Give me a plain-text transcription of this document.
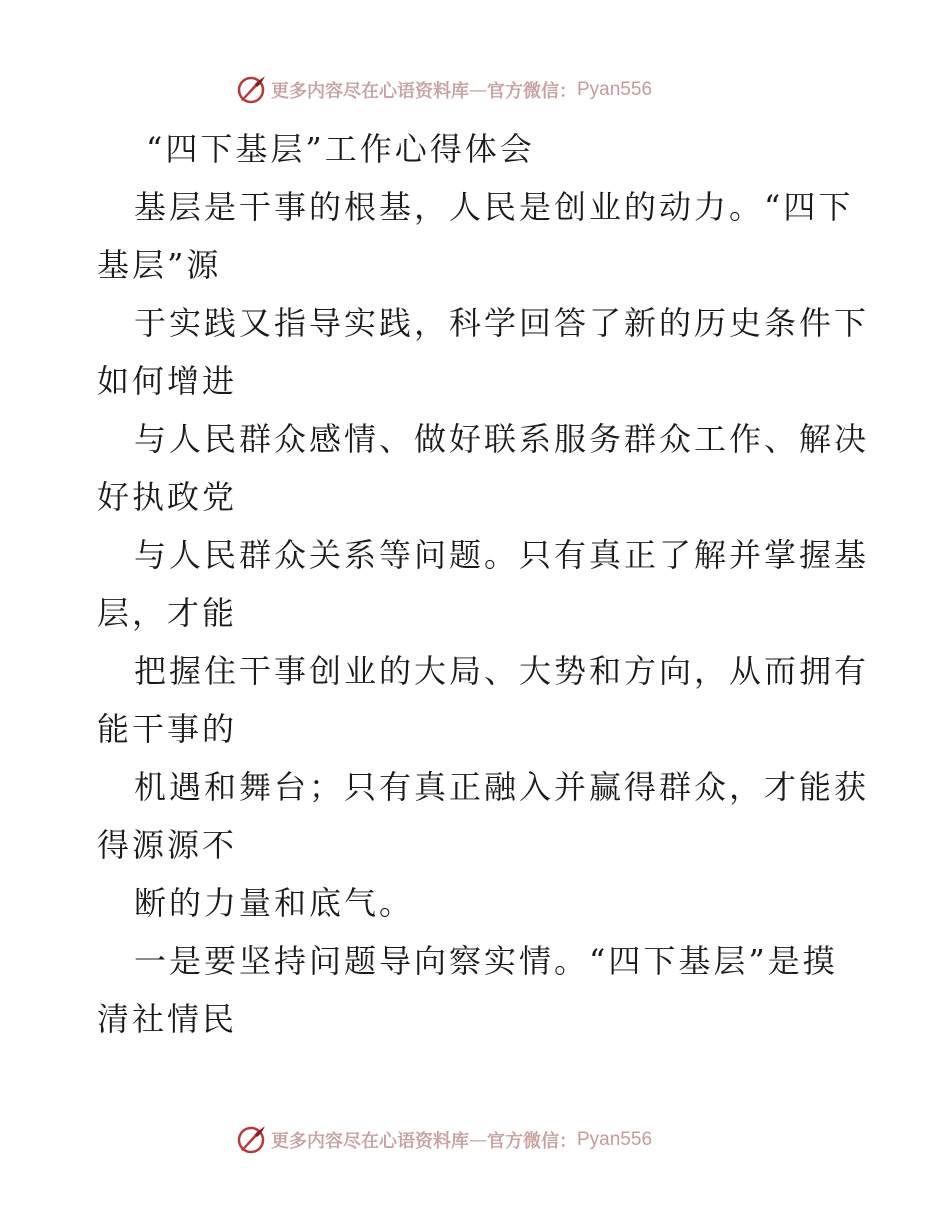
更多内容尽在心语资料库 — 官方微信： Pyan556
“四下基层”工作心得体会
基层是干事的根基，人民是创业的动力。“四下
基层”源
于实践又指导实践，科学回答了新的历史条件下
如何增进
与人民群众感情、做好联系服务群众工作、解决
好执政党
与人民群众关系等问题。只有真正了解并掌握基
层，才能
把握住干事创业的大局、大势和方向，从而拥有
能干事的
机遇和舞台；只有真正融入并赢得群众，才能获
得源源不
断的力量和底气。
一是要坚持问题导向察实情。“四下基层”是摸
清社情民
更多内容尽在心语资料库 — 官方微信： Pyan556
